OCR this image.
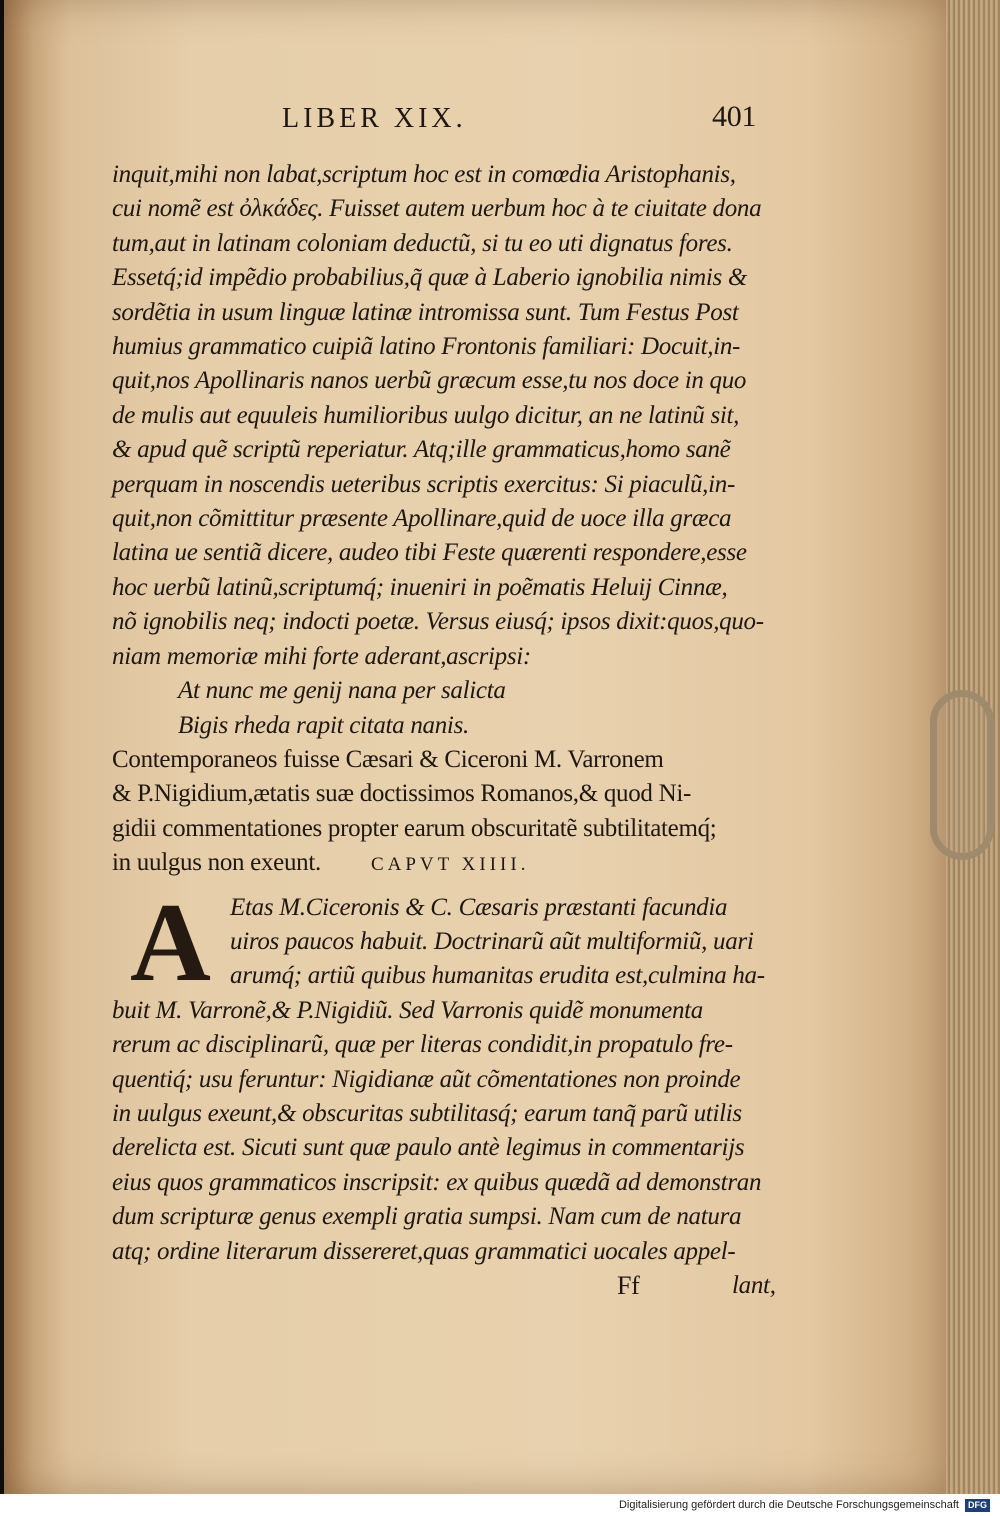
LIBER XIX.	401
inquit,mihi non labat,scriptum hoc est in comœdia Aristophanis,
cui nomẽ est ὀλκάδες. Fuisset autem uerbum hoc à te ciuitate dona
tum,aut in latinam coloniam deductũ, si tu eo uti dignatus fores.
Essetq́;id impẽdio probabilius,q̃ quæ à Laberio ignobilia nimis &
sordẽtia in usum linguæ latinæ intromissa sunt. Tum Festus Post
humius grammatico cuipiã latino Frontonis familiari: Docuit,in-
quit,nos Apollinaris nanos uerbũ græcum esse,tu nos doce in quo
de mulis aut equuleis humilioribus uulgo dicitur, an ne latinũ sit,
& apud quẽ scriptũ reperiatur. Atq;ille grammaticus,homo sanẽ
perquam in noscendis ueteribus scriptis exercitus: Si piaculũ,in-
quit,non cõmittitur præsente Apollinare,quid de uoce illa græca
latina ue sentiã dicere, audeo tibi Feste quærenti respondere,esse
hoc uerbũ latinũ,scriptumq́; inueniri in poẽmatis Heluij Cinnæ,
nõ ignobilis neq; indocti poetæ. Versus eiusq́; ipsos dixit:quos,quo-
niam memoriæ mihi forte aderant,ascripsi:
At nunc me genij nana per salicta
Bigis rheda rapit citata nanis.
Contemporaneos fuisse Cæsari & Ciceroni M. Varronem
& P.Nigidium,ætatis suæ doctissimos Romanos,& quod Ni-
gidii commentationes propter earum obscuritatẽ subtilitatemq́;
in uulgus non exeunt.	CAPVT XIIII.
A Etas M.Ciceronis & C. Cæsaris præstanti facundia
uiros paucos habuit. Doctrinarũ aũt multiformiũ, uari
arumq́; artiũ quibus humanitas erudita est,culmina ha-
buit M. Varronẽ,& P.Nigidiũ. Sed Varronis quidẽ monumenta
rerum ac disciplinarũ, quæ per literas condidit,in propatulo fre-
quentiq́; usu feruntur: Nigidianæ aũt cõmentationes non proinde
in uulgus exeunt,& obscuritas subtilitasq́; earum tanq̃ parũ utilis
derelicta est. Sicuti sunt quæ paulo antè legimus in commentarijs
eius quos grammaticos inscripsit: ex quibus quædã ad demonstran
dum scripturæ genus exempli gratia sumpsi. Nam cum de natura
atq; ordine literarum dissereret,quas grammatici uocales appel-
Ff	lant,
Digitalisierung gefördert durch die Deutsche Forschungsgemeinschaft DFG
